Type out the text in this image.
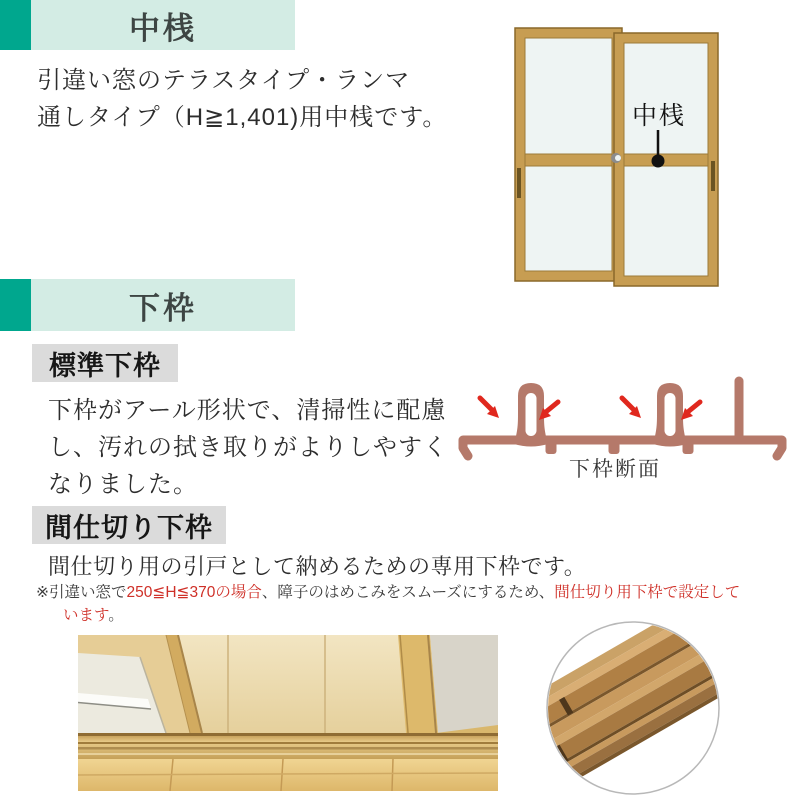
中桟
引違い窓のテラスタイプ・ランマ
通しタイプ（H≧1,401)用中桟です。	中桟
下枠
標準下枠
下枠がアール形状で、清掃性に配慮
し、汚れの拭き取りがよりしやすく
なりました。
下枠断面
間仕切り下枠
間仕切り用の引戸として納めるための専用下枠です。
※引違い窓で250≦H≦370の場合、障子のはめこみをスムーズにするため、間仕切り用下枠で設定して
います。
